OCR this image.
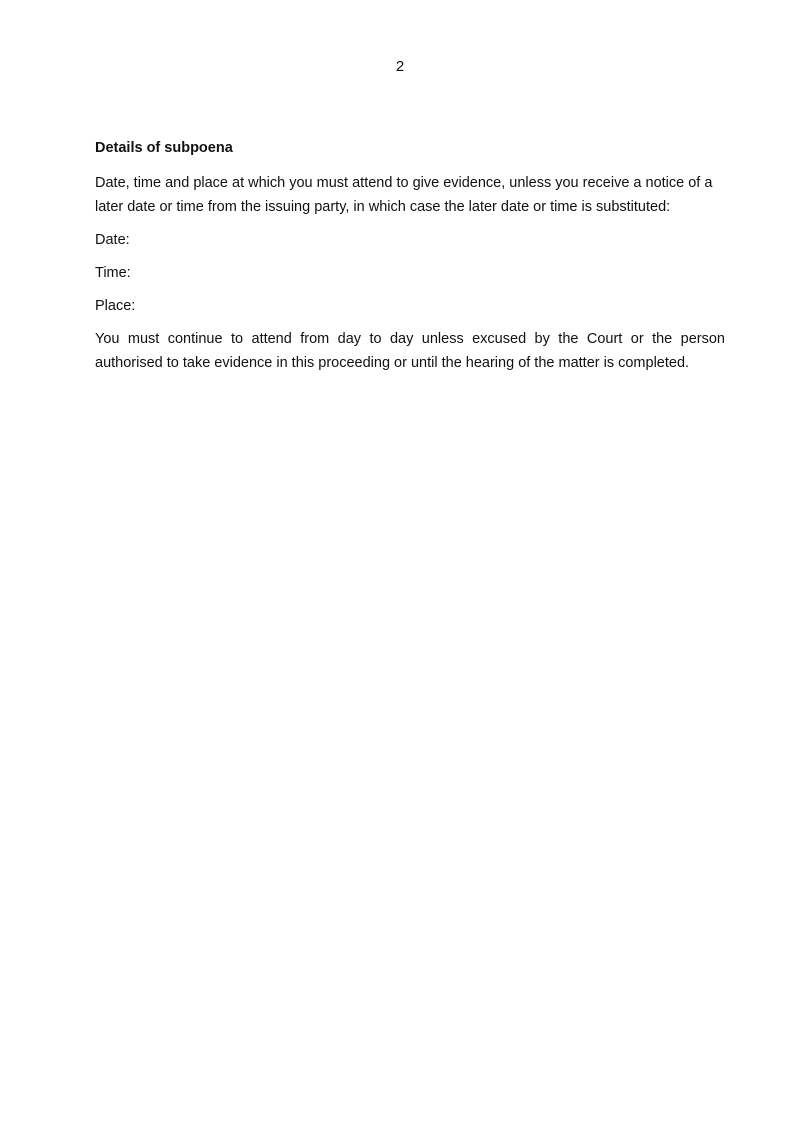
2
Details of subpoena

Date, time and place at which you must attend to give evidence, unless you receive a notice of a later date or time from the issuing party, in which case the later date or time is substituted:

Date:
Time:
Place:

You must continue to attend from day to day unless excused by the Court or the person authorised to take evidence in this proceeding or until the hearing of the matter is completed.
